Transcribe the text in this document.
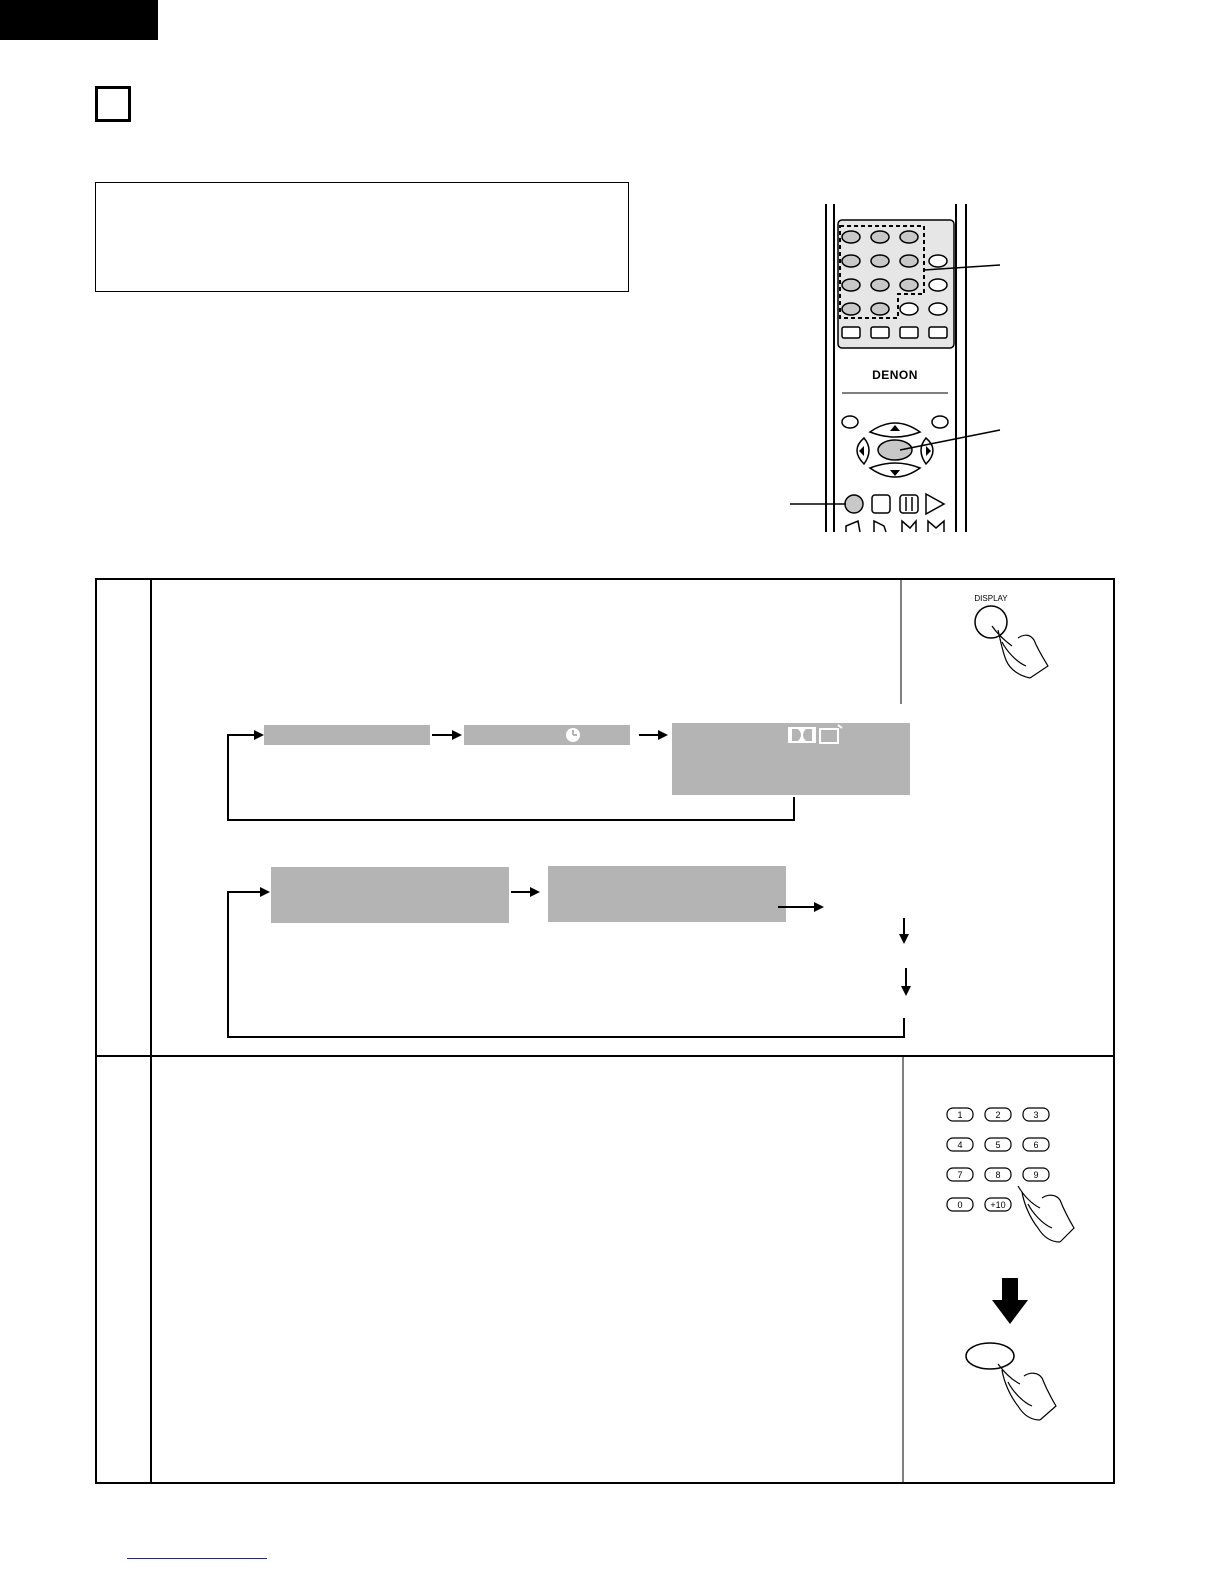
DENON
DISPLAY
1	2	3
4	5	6
7	8	9
0	+10
